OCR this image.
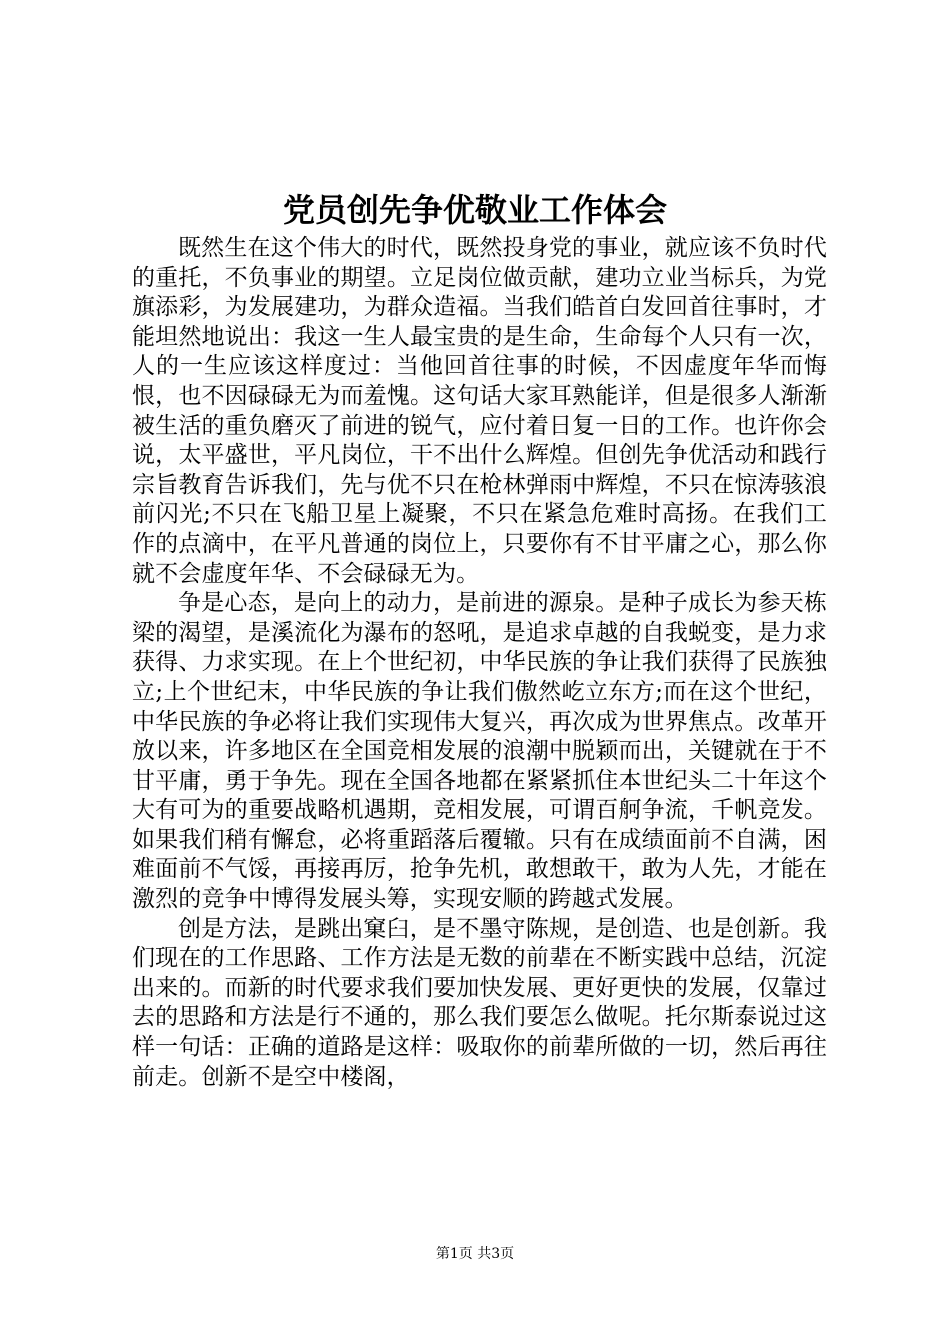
党员创先争优敬业工作体会

既然生在这个伟大的时代，既然投身党的事业，就应该不负时代的重托，不负事业的期望。立足岗位做贡献，建功立业当标兵，为党旗添彩，为发展建功，为群众造福。当我们皓首白发回首往事时，才能坦然地说出：我这一生人最宝贵的是生命，生命每个人只有一次，人的一生应该这样度过：当他回首往事的时候，不因虚度年华而悔恨，也不因碌碌无为而羞愧。这句话大家耳熟能详，但是很多人渐渐被生活的重负磨灭了前进的锐气，应付着日复一日的工作。也许你会说，太平盛世，平凡岗位，干不出什么辉煌。但创先争优活动和践行宗旨教育告诉我们，先与优不只在枪林弹雨中辉煌，不只在惊涛骇浪前闪光;不只在飞船卫星上凝聚，不只在紧急危难时高扬。在我们工作的点滴中，在平凡普通的岗位上，只要你有不甘平庸之心，那么你就不会虚度年华、不会碌碌无为。

争是心态，是向上的动力，是前进的源泉。是种子成长为参天栋梁的渴望，是溪流化为瀑布的怒吼，是追求卓越的自我蜕变，是力求获得、力求实现。在上个世纪初，中华民族的争让我们获得了民族独立;上个世纪末，中华民族的争让我们傲然屹立东方;而在这个世纪，中华民族的争必将让我们实现伟大复兴，再次成为世界焦点。改革开放以来，许多地区在全国竞相发展的浪潮中脱颖而出，关键就在于不甘平庸，勇于争先。现在全国各地都在紧紧抓住本世纪头二十年这个大有可为的重要战略机遇期，竞相发展，可谓百舸争流，千帆竞发。如果我们稍有懈怠，必将重蹈落后覆辙。只有在成绩面前不自满，困难面前不气馁，再接再厉，抢争先机，敢想敢干，敢为人先，才能在激烈的竞争中博得发展头筹，实现安顺的跨越式发展。

创是方法，是跳出窠臼，是不墨守陈规，是创造、也是创新。我们现在的工作思路、工作方法是无数的前辈在不断实践中总结，沉淀出来的。而新的时代要求我们要加快发展、更好更快的发展，仅靠过去的思路和方法是行不通的，那么我们要怎么做呢。托尔斯泰说过这样一句话：正确的道路是这样：吸取你的前辈所做的一切，然后再往前走。创新不是空中楼阁，

第1页 共3页
